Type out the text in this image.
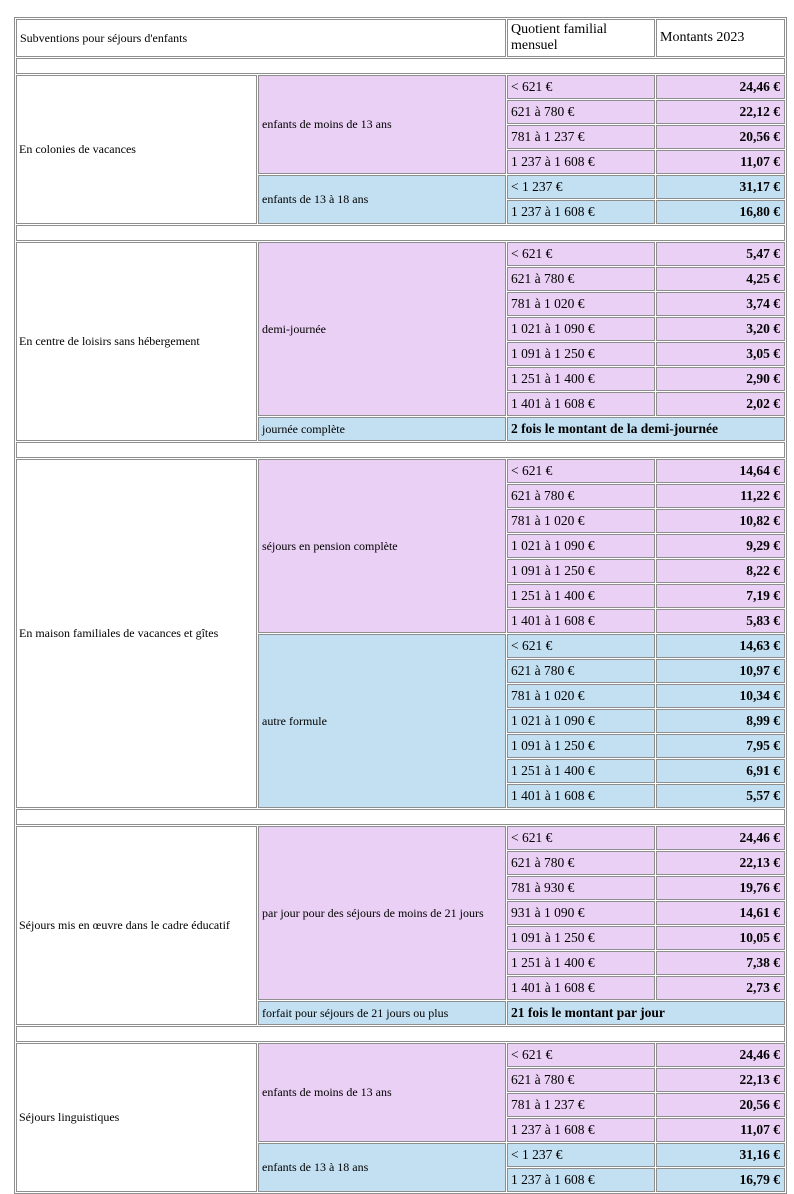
Subventions pour séjours d'enfants		Quotient familial mensuel	Montants 2023

En colonies de vacances	enfants de moins de 13 ans	< 621 €	24,46 €
		621 à 780 €	22,12 €
		781 à 1 237 €	20,56 €
		1 237 à 1 608 €	11,07 €
	enfants de 13 à 18 ans	< 1 237 €	31,17 €
		1 237 à 1 608 €	16,80 €

En centre de loisirs sans hébergement	demi-journée	< 621 €	5,47 €
		621 à 780 €	4,25 €
		781 à 1 020 €	3,74 €
		1 021 à 1 090 €	3,20 €
		1 091 à 1 250 €	3,05 €
		1 251 à 1 400 €	2,90 €
		1 401 à 1 608 €	2,02 €
	journée complète	2 fois le montant de la demi-journée	

En maison familiales de vacances et gîtes	séjours en pension complète	< 621 €	14,64 €
		621 à 780 €	11,22 €
		781 à 1 020 €	10,82 €
		1 021 à 1 090 €	9,29 €
		1 091 à 1 250 €	8,22 €
		1 251 à 1 400 €	7,19 €
		1 401 à 1 608 €	5,83 €
	autre formule	< 621 €	14,63 €
		621 à 780 €	10,97 €
		781 à 1 020 €	10,34 €
		1 021 à 1 090 €	8,99 €
		1 091 à 1 250 €	7,95 €
		1 251 à 1 400 €	6,91 €
		1 401 à 1 608 €	5,57 €

Séjours mis en œuvre dans le cadre éducatif	par jour pour des séjours de moins de 21 jours	< 621 €	24,46 €
		621 à 780 €	22,13 €
		781 à 930 €	19,76 €
		931 à 1 090 €	14,61 €
		1 091 à 1 250 €	10,05 €
		1 251 à 1 400 €	7,38 €
		1 401 à 1 608 €	2,73 €
	forfait pour séjours de 21 jours ou plus	21 fois le montant par jour	

Séjours linguistiques	enfants de moins de 13 ans	< 621 €	24,46 €
		621 à 780 €	22,13 €
		781 à 1 237 €	20,56 €
		1 237 à 1 608 €	11,07 €
	enfants de 13 à 18 ans	< 1 237 €	31,16 €
		1 237 à 1 608 €	16,79 €
